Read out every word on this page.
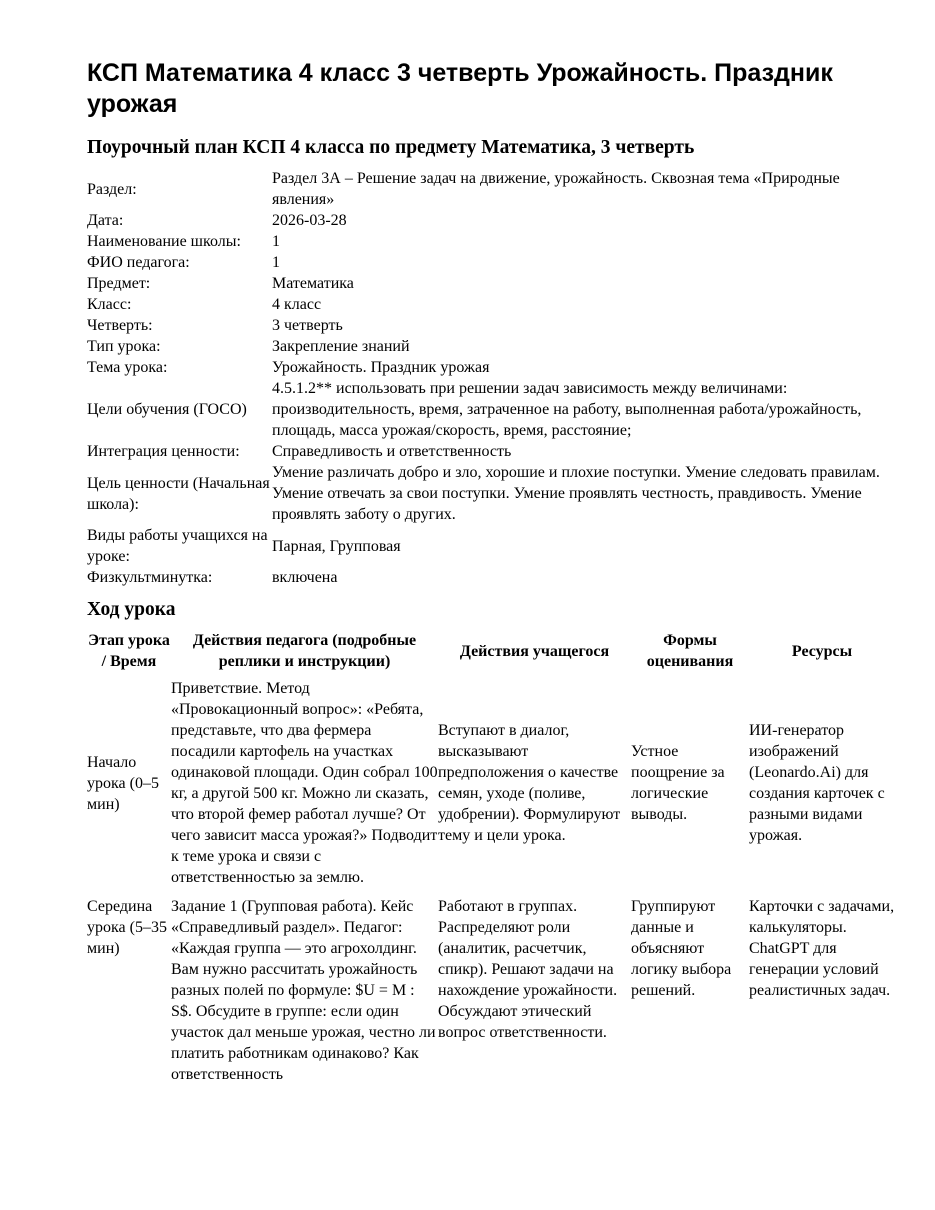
КСП Математика 4 класс 3 четверть Урожайность. Праздник урожая
Поурочный план КСП 4 класса по предмету Математика, 3 четверть
Раздел:	Раздел 3А – Решение задач на движение, урожайность. Сквозная тема «Природные явления»
Дата:	2026-03-28
Наименование школы:	1
ФИО педагога:	1
Предмет:	Математика
Класс:	4 класс
Четверть:	3 четверть
Тип урока:	Закрепление знаний
Тема урока:	Урожайность. Праздник урожая
Цели обучения (ГОСО)	4.5.1.2** использовать при решении задач зависимость между величинами: производительность, время, затраченное на работу, выполненная работа/урожайность, площадь, масса урожая/скорость, время, расстояние;
Интеграция ценности:	Справедливость и ответственность
Цель ценности (Начальная школа):	Умение различать добро и зло, хорошие и плохие поступки. Умение следовать правилам. Умение отвечать за свои поступки. Умение проявлять честность, правдивость. Умение проявлять заботу о других.
Виды работы учащихся на уроке:	Парная, Групповая
Физкультминутка:	включена
Ход урока
Этап урока / Время	Действия педагога (подробные реплики и инструкции)	Действия учащегося	Формы оценивания	Ресурсы
Начало урока (0–5 мин)	Приветствие. Метод «Провокационный вопрос»: «Ребята, представьте, что два фермера посадили картофель на участках одинаковой площади. Один собрал 100 кг, а другой 500 кг. Можно ли сказать, что второй фемер работал лучше? От чего зависит масса урожая?» Подводит к теме урока и связи с ответственностью за землю.	Вступают в диалог, высказывают предположения о качестве семян, уходе (поливе, удобрении). Формулируют тему и цели урока.	Устное поощрение за логические выводы.	ИИ-генератор изображений (Leonardo.Ai) для создания карточек с разными видами урожая.
Середина урока (5–35 мин)	Задание 1 (Групповая работа). Кейс «Справедливый раздел». Педагог: «Каждая группа — это агрохолдинг. Вам нужно рассчитать урожайность разных полей по формуле: $U = M : S$. Обсудите в группе: если один участок дал меньше урожая, честно ли платить работникам одинаково? Как ответственность	Работают в группах. Распределяют роли (аналитик, расчетчик, спикр). Решают задачи на нахождение урожайности. Обсуждают этический вопрос ответственности.	Группируют данные и объясняют логику выбора решений.	Карточки с задачами, калькуляторы. ChatGPT для генерации условий реалистичных задач.
